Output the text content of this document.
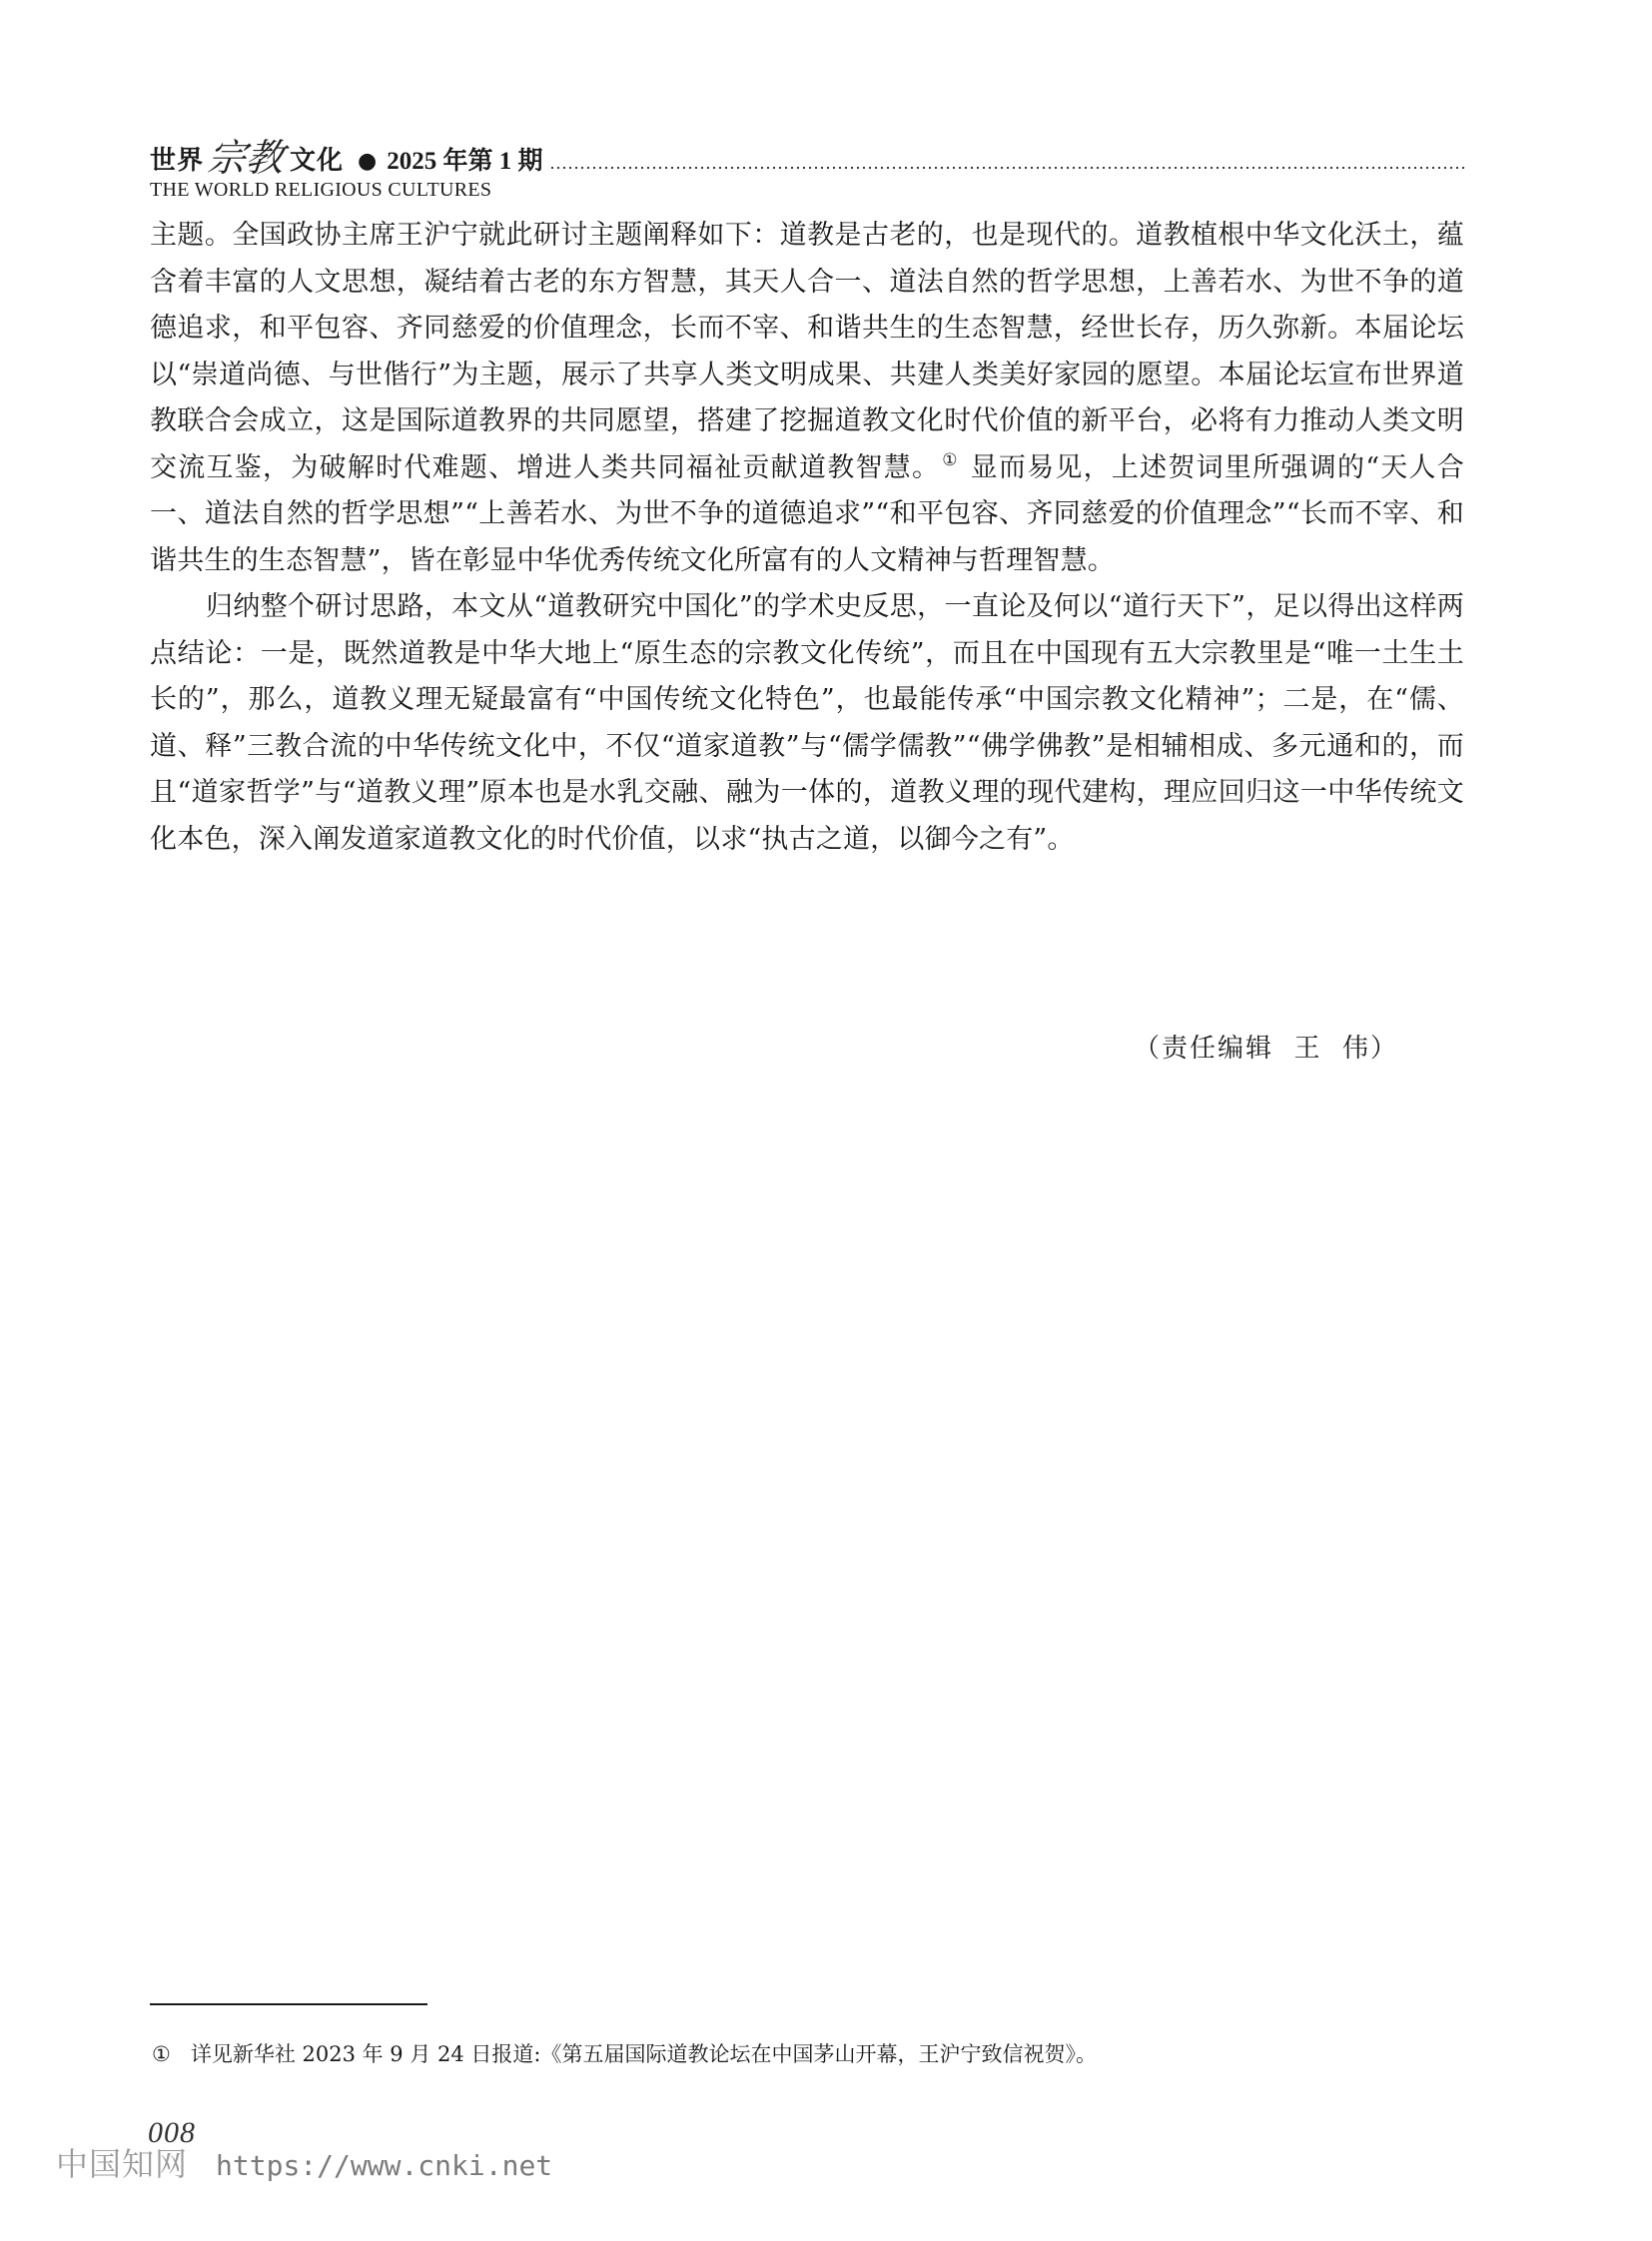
世界 宗教 文化 ● 2025 年第 1 期
THE WORLD RELIGIOUS CULTURES

主题。全国政协主席王沪宁就此研讨主题阐释如下：道教是古老的，也是现代的。道教植根中华文化沃土，蕴含着丰富的人文思想，凝结着古老的东方智慧，其天人合一、道法自然的哲学思想，上善若水、为世不争的道德追求，和平包容、齐同慈爱的价值理念，长而不宰、和谐共生的生态智慧，经世长存，历久弥新。本届论坛以“崇道尚德、与世偕行”为主题，展示了共享人类文明成果、共建人类美好家园的愿望。本届论坛宣布世界道教联合会成立，这是国际道教界的共同愿望，搭建了挖掘道教文化时代价值的新平台，必将有力推动人类文明交流互鉴，为破解时代难题、增进人类共同福祉贡献道教智慧。 ① 显而易见，上述贺词里所强调的“天人合一、道法自然的哲学思想”“上善若水、为世不争的道德追求”“和平包容、齐同慈爱的价值理念”“长而不宰、和谐共生的生态智慧”，皆在彰显中华优秀传统文化所富有的人文精神与哲理智慧。

归纳整个研讨思路，本文从“道教研究中国化”的学术史反思，一直论及何以“道行天下”，足以得出这样两点结论：一是，既然道教是中华大地上“原生态的宗教文化传统”，而且在中国现有五大宗教里是“唯一土生土长的”，那么，道教义理无疑最富有“中国传统文化特色”，也最能传承“中国宗教文化精神”；二是，在“儒、道、释”三教合流的中华传统文化中，不仅“道家道教”与“儒学儒教”“佛学佛教”是相辅相成、多元通和的，而且“道家哲学”与“道教义理”原本也是水乳交融、融为一体的，道教义理的现代建构，理应回归这一中华传统文化本色，深入阐发道家道教文化的时代价值，以求“执古之道，以御今之有”。

（责任编辑  王  伟）
① 详见新华社 2023 年 9 月 24 日报道:《第五届国际道教论坛在中国茅山开幕，王沪宁致信祝贺》。
008
中国知网 https://www.cnki.net
